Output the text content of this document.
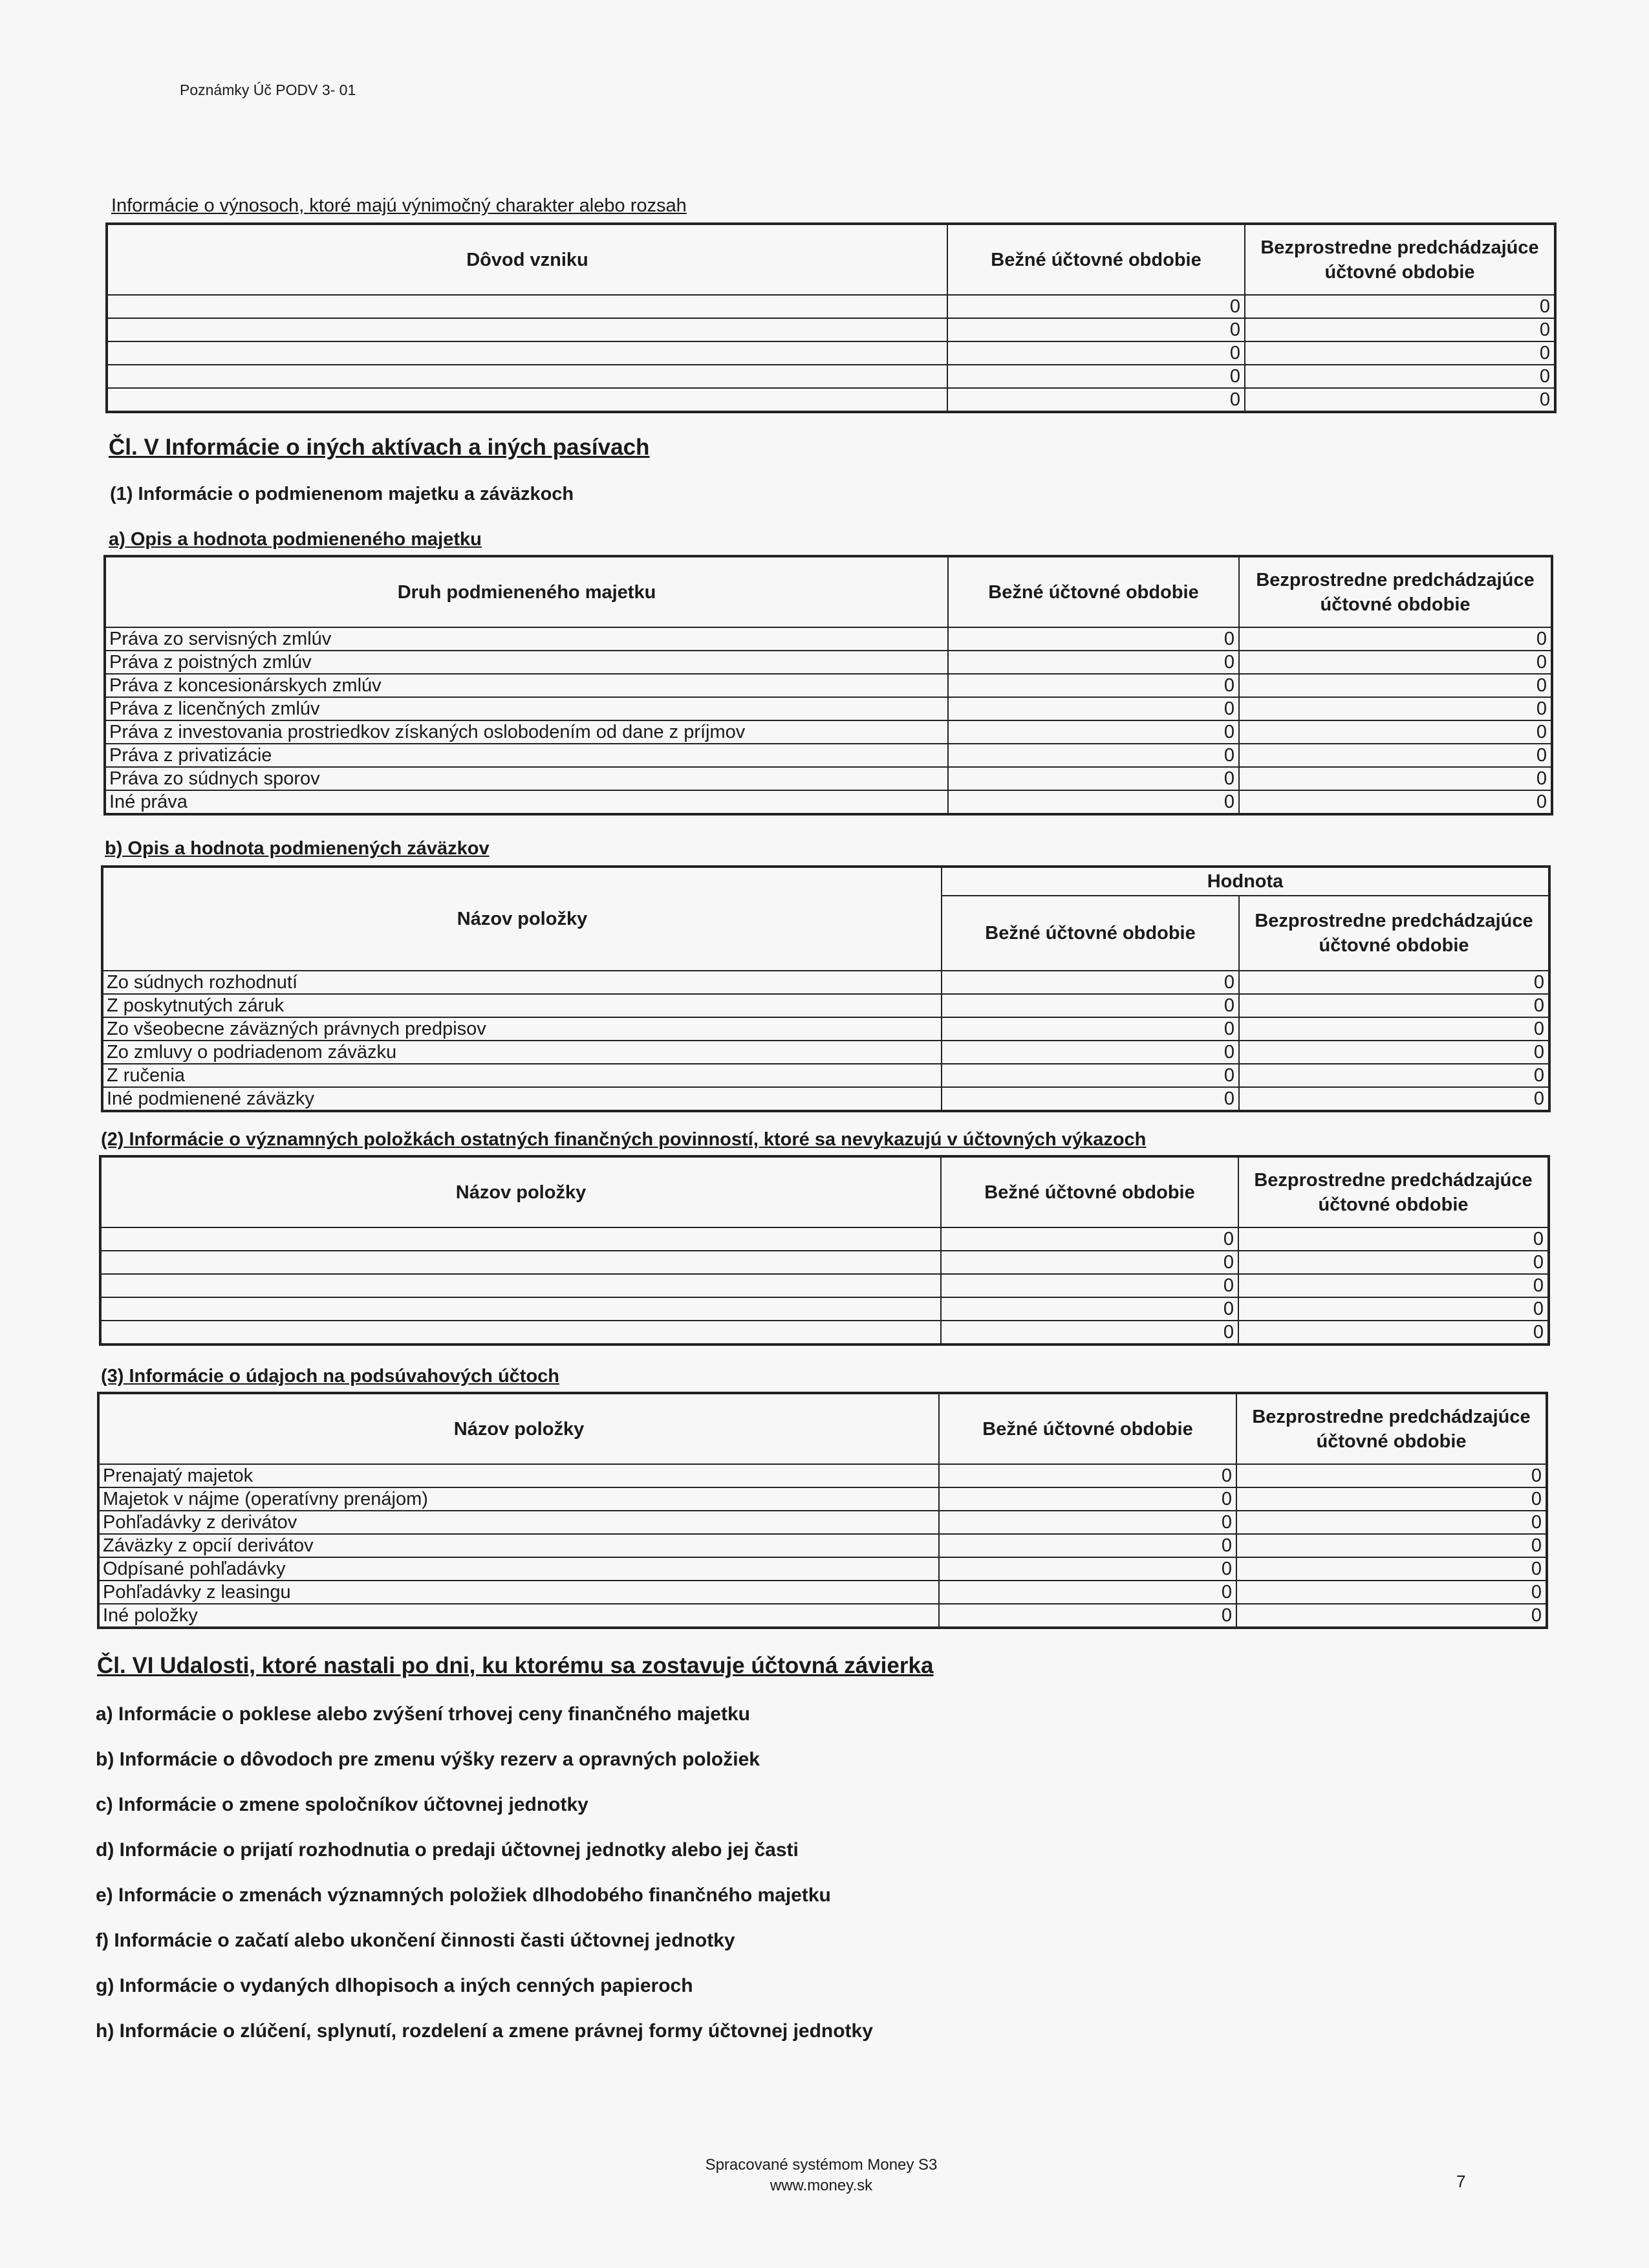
Poznámky Úč PODV 3- 01
Informácie o výnosoch, ktoré majú výnimočný charakter alebo rozsah
Dôvod vzniku	Bežné účtovné obdobie	Bezprostredne predchádzajúce účtovné obdobie
	0	0
	0	0
	0	0
	0	0
	0	0
Čl. V Informácie o iných aktívach a iných pasívach
(1) Informácie o podmienenom majetku a záväzkoch
a) Opis a hodnota podmieneného majetku
Druh podmieneného majetku	Bežné účtovné obdobie	Bezprostredne predchádzajúce účtovné obdobie
Práva zo servisných zmlúv	0	0
Práva z poistných zmlúv	0	0
Práva z koncesionárskych zmlúv	0	0
Práva z licenčných zmlúv	0	0
Práva z investovania prostriedkov získaných oslobodením od dane z príjmov	0	0
Práva z privatizácie	0	0
Práva zo súdnych sporov	0	0
Iné práva	0	0
b) Opis a hodnota podmienených záväzkov
Názov položky	Hodnota	
	Bežné účtovné obdobie	Bezprostredne predchádzajúce účtovné obdobie
Zo súdnych rozhodnutí	0	0
Z poskytnutých záruk	0	0
Zo všeobecne záväzných právnych predpisov	0	0
Zo zmluvy o podriadenom záväzku	0	0
Z ručenia	0	0
Iné podmienené záväzky	0	0
(2) Informácie o významných položkách ostatných finančných povinností, ktoré sa nevykazujú v účtovných výkazoch
Názov položky	Bežné účtovné obdobie	Bezprostredne predchádzajúce účtovné obdobie
	0	0
	0	0
	0	0
	0	0
	0	0
(3) Informácie o údajoch na podsúvahových účtoch
Názov položky	Bežné účtovné obdobie	Bezprostredne predchádzajúce účtovné obdobie
Prenajatý majetok	0	0
Majetok v nájme (operatívny prenájom)	0	0
Pohľadávky z derivátov	0	0
Záväzky z opcií derivátov	0	0
Odpísané pohľadávky	0	0
Pohľadávky z leasingu	0	0
Iné položky	0	0
Čl. VI Udalosti, ktoré nastali po dni, ku ktorému sa zostavuje účtovná závierka
a) Informácie o poklese alebo zvýšení trhovej ceny finančného majetku
b) Informácie o dôvodoch pre zmenu výšky rezerv a opravných položiek
c) Informácie o zmene spoločníkov účtovnej jednotky
d) Informácie o prijatí rozhodnutia o predaji účtovnej jednotky alebo jej časti
e) Informácie o zmenách významných položiek dlhodobého finančného majetku
f) Informácie o začatí alebo ukončení činnosti časti účtovnej jednotky
g) Informácie o vydaných dlhopisoch a iných cenných papieroch
h) Informácie o zlúčení, splynutí, rozdelení a zmene právnej formy účtovnej jednotky
Spracované systémom Money S3
www.money.sk	7
